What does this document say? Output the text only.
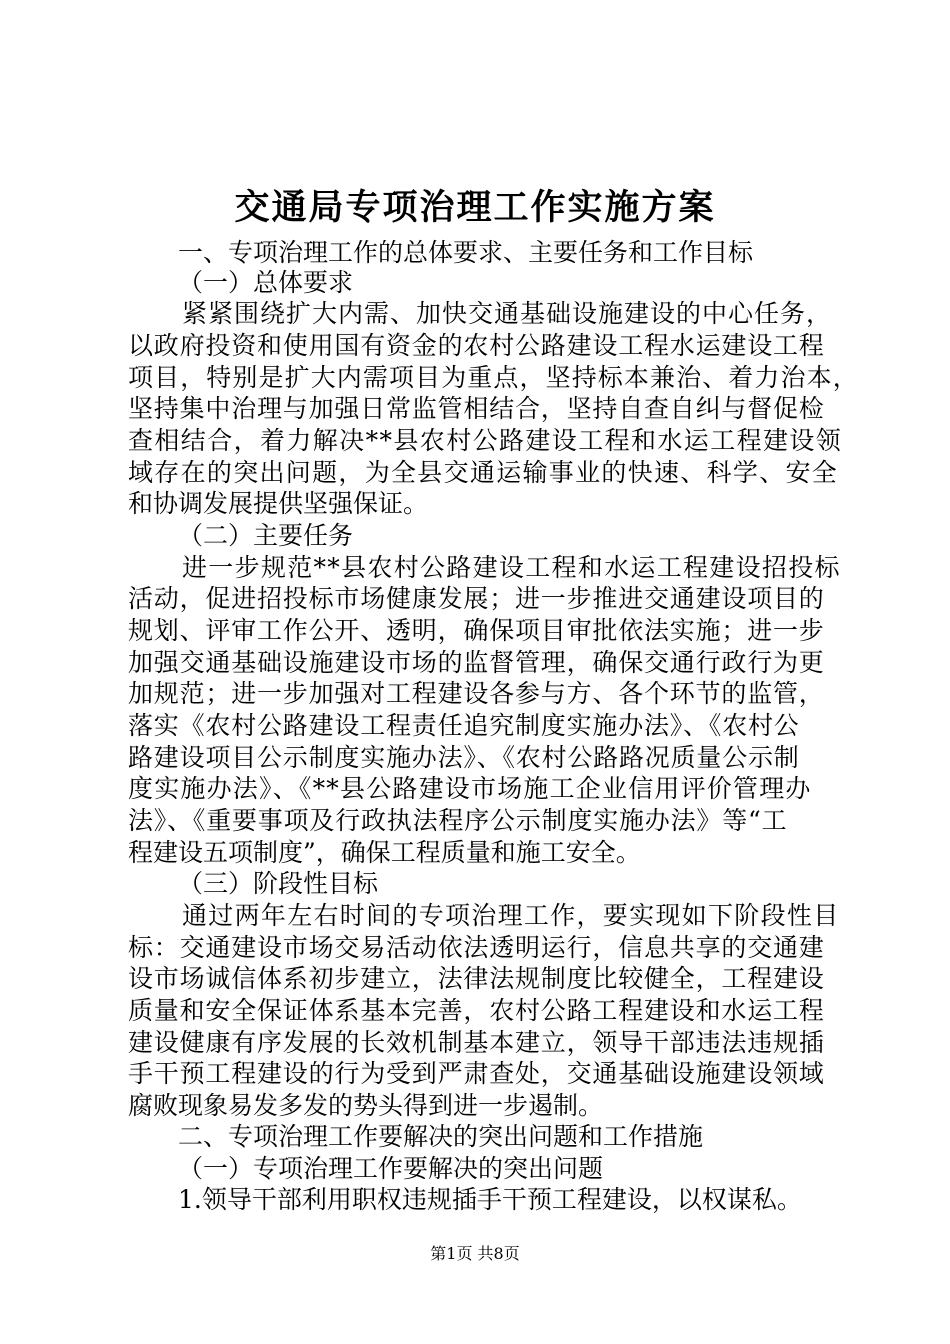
交通局专项治理工作实施方案
一、专项治理工作的总体要求、主要任务和工作目标
（一）总体要求
紧紧围绕扩大内需、加快交通基础设施建设的中心任务，
以政府投资和使用国有资金的农村公路建设工程水运建设工程
项目，特别是扩大内需项目为重点，坚持标本兼治、着力治本，
坚持集中治理与加强日常监管相结合，坚持自查自纠与督促检
查相结合，着力解决**县农村公路建设工程和水运工程建设领
域存在的突出问题，为全县交通运输事业的快速、科学、安全
和协调发展提供坚强保证。
（二）主要任务
进一步规范**县农村公路建设工程和水运工程建设招投标
活动，促进招投标市场健康发展；进一步推进交通建设项目的
规划、评审工作公开、透明，确保项目审批依法实施；进一步
加强交通基础设施建设市场的监督管理，确保交通行政行为更
加规范；进一步加强对工程建设各参与方、各个环节的监管，
落实《农村公路建设工程责任追究制度实施办法》、《农村公
路建设项目公示制度实施办法》、《农村公路路况质量公示制
度实施办法》、《**县公路建设市场施工企业信用评价管理办
法》、《重要事项及行政执法程序公示制度实施办法》等“工
程建设五项制度”，确保工程质量和施工安全。
（三）阶段性目标
通过两年左右时间的专项治理工作，要实现如下阶段性目
标：交通建设市场交易活动依法透明运行，信息共享的交通建
设市场诚信体系初步建立，法律法规制度比较健全，工程建设
质量和安全保证体系基本完善，农村公路工程建设和水运工程
建设健康有序发展的长效机制基本建立，领导干部违法违规插
手干预工程建设的行为受到严肃查处，交通基础设施建设领域
腐败现象易发多发的势头得到进一步遏制。
二、专项治理工作要解决的突出问题和工作措施
（一）专项治理工作要解决的突出问题
1.领导干部利用职权违规插手干预工程建设，以权谋私。
第1页 共8页
